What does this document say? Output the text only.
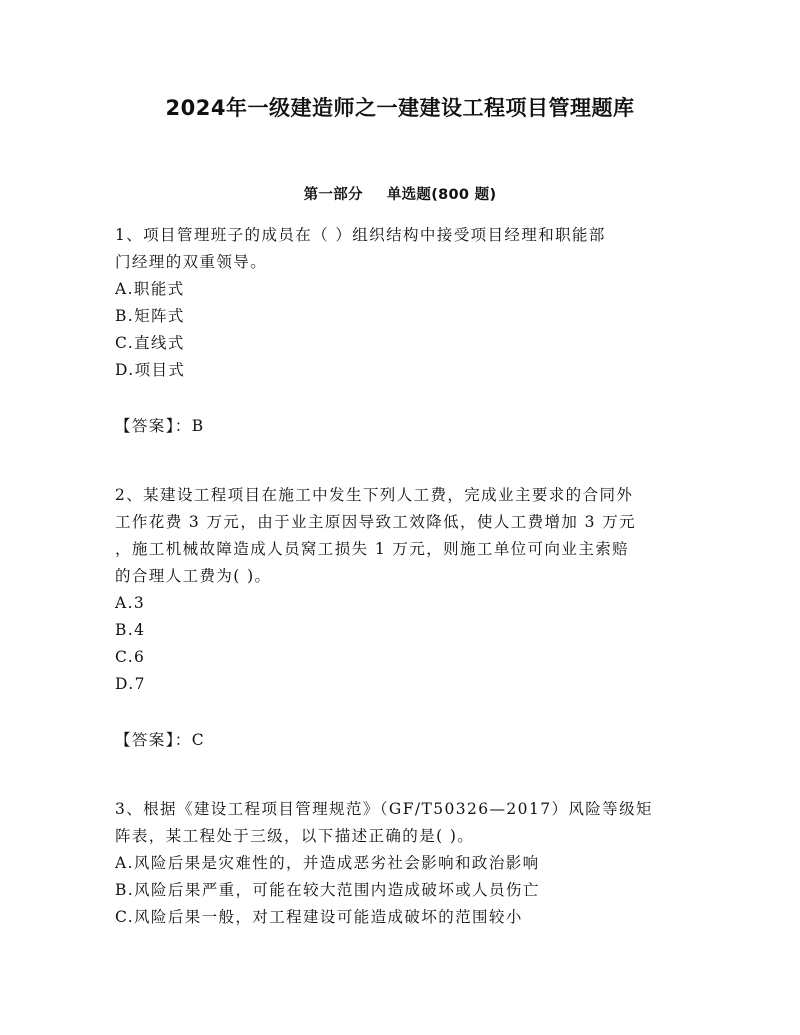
2024年一级建造师之一建建设工程项目管理题库
第一部分 单选题(800 题)

1、项目管理班子的成员在（ ）组织结构中接受项目经理和职能部

门经理的双重领导。

A.职能式

B.矩阵式

C.直线式

D.项目式

【答案】：B

2、某建设工程项目在施工中发生下列人工费，完成业主要求的合同外

工作花费 3 万元，由于业主原因导致工效降低，使人工费增加 3 万元

，施工机械故障造成人员窝工损失 1 万元，则施工单位可向业主索赔

的合理人工费为( )。

A.3

B.4

C.6

D.7

【答案】：C

3、根据《建设工程项目管理规范》（GF/T50326—2017）风险等级矩

阵表，某工程处于三级，以下描述正确的是( )。

A.风险后果是灾难性的，并造成恶劣社会影响和政治影响

B.风险后果严重，可能在较大范围内造成破坏或人员伤亡

C.风险后果一般，对工程建设可能造成破坏的范围较小
